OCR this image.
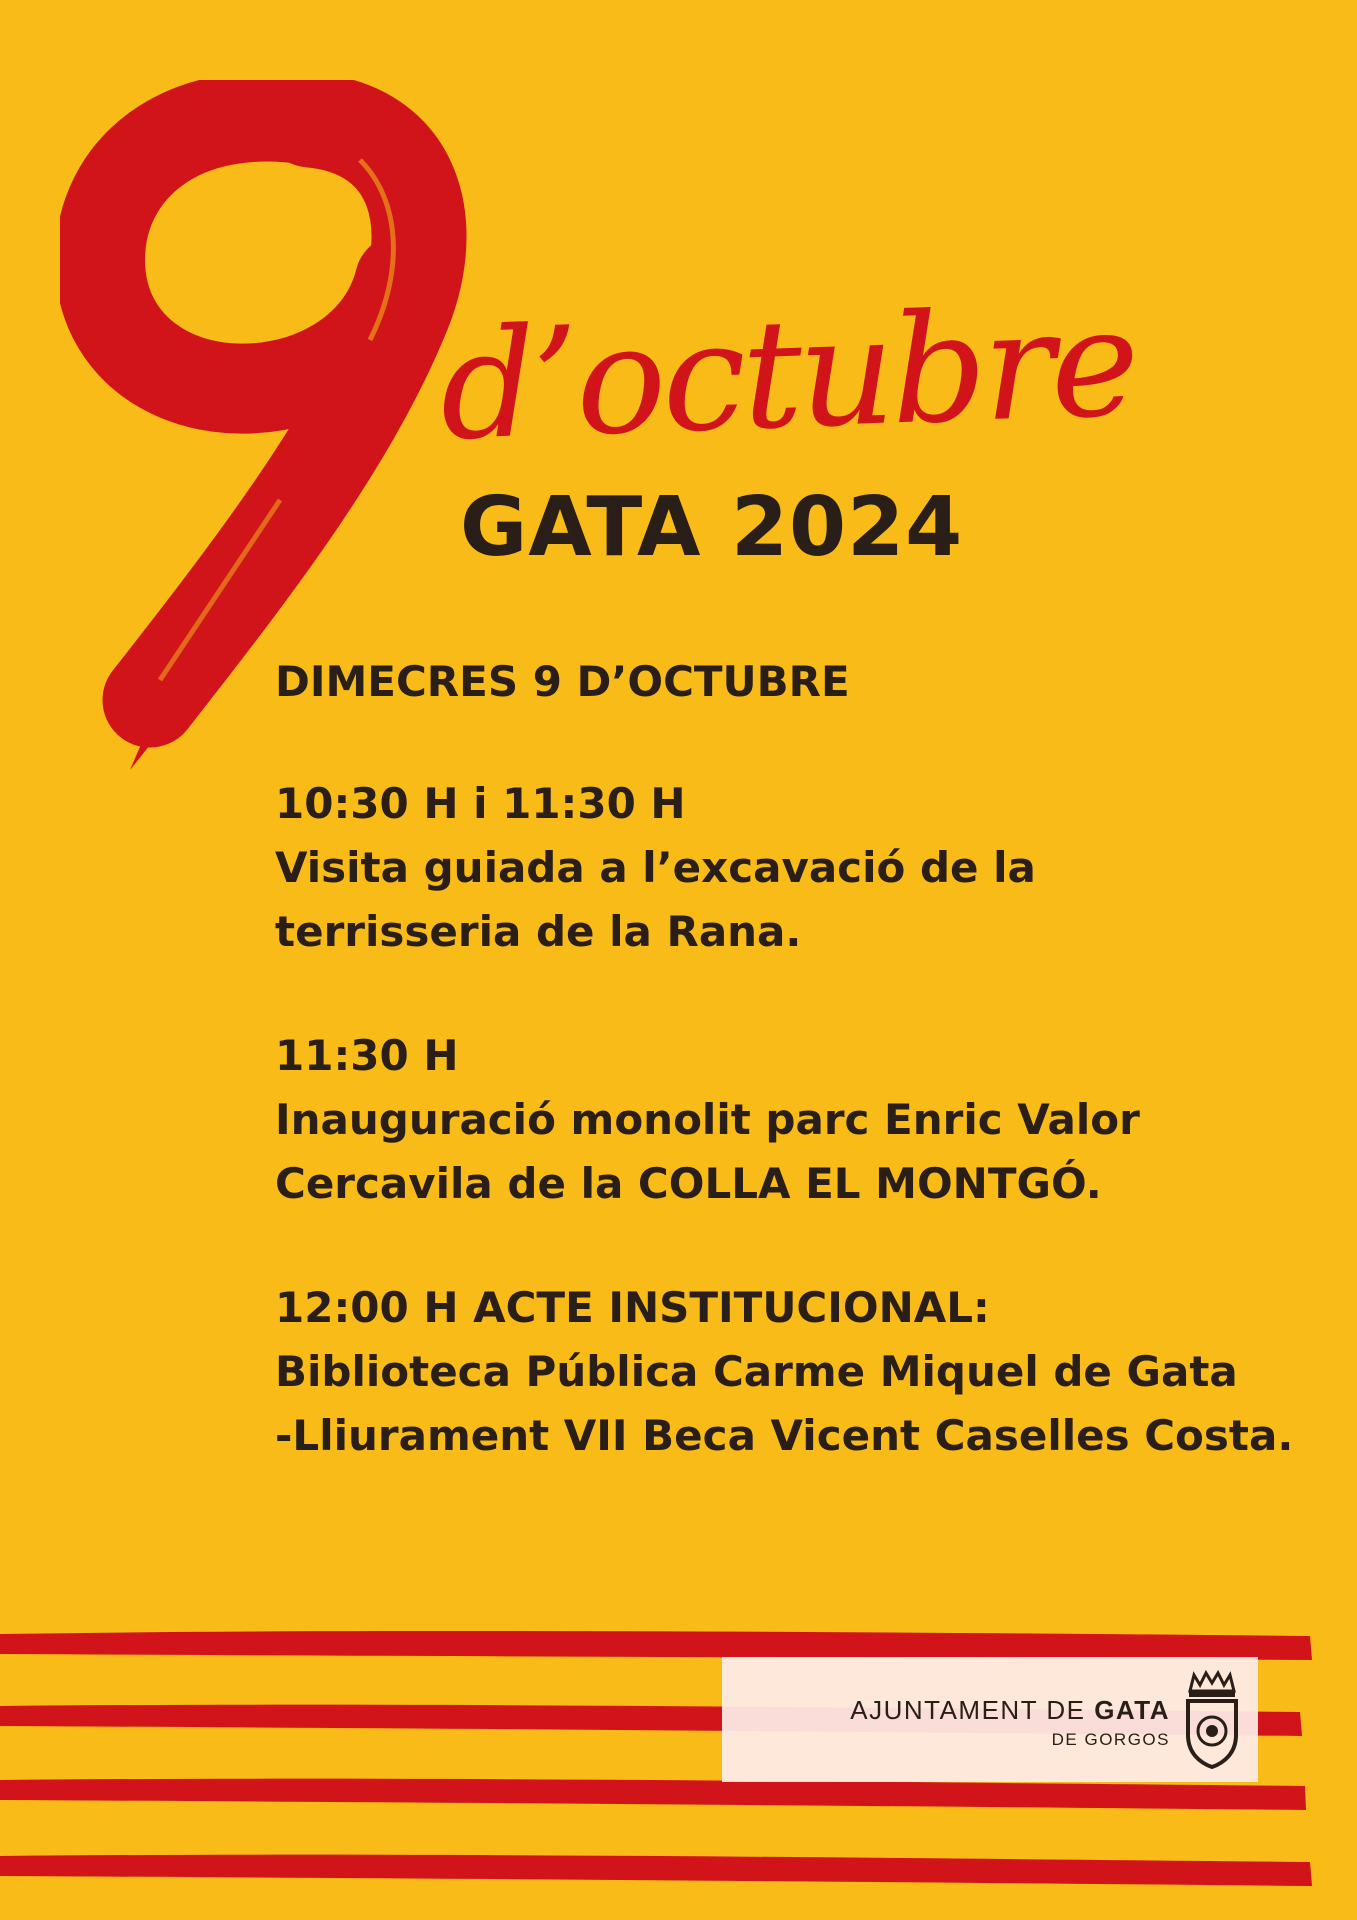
d’octubre
GATA 2024
DIMECRES 9 D’OCTUBRE
10:30 H i 11:30 H
Visita guiada a l’excavació de la
terrisseria de la Rana.
11:30 H
Inauguració monolit parc Enric Valor
Cercavila de la COLLA EL MONTGÓ.
12:00 H ACTE INSTITUCIONAL:
Biblioteca Pública Carme Miquel de Gata
-Lliurament VII Beca Vicent Caselles Costa.
AJUNTAMENT DE GATA
DE GORGOS
